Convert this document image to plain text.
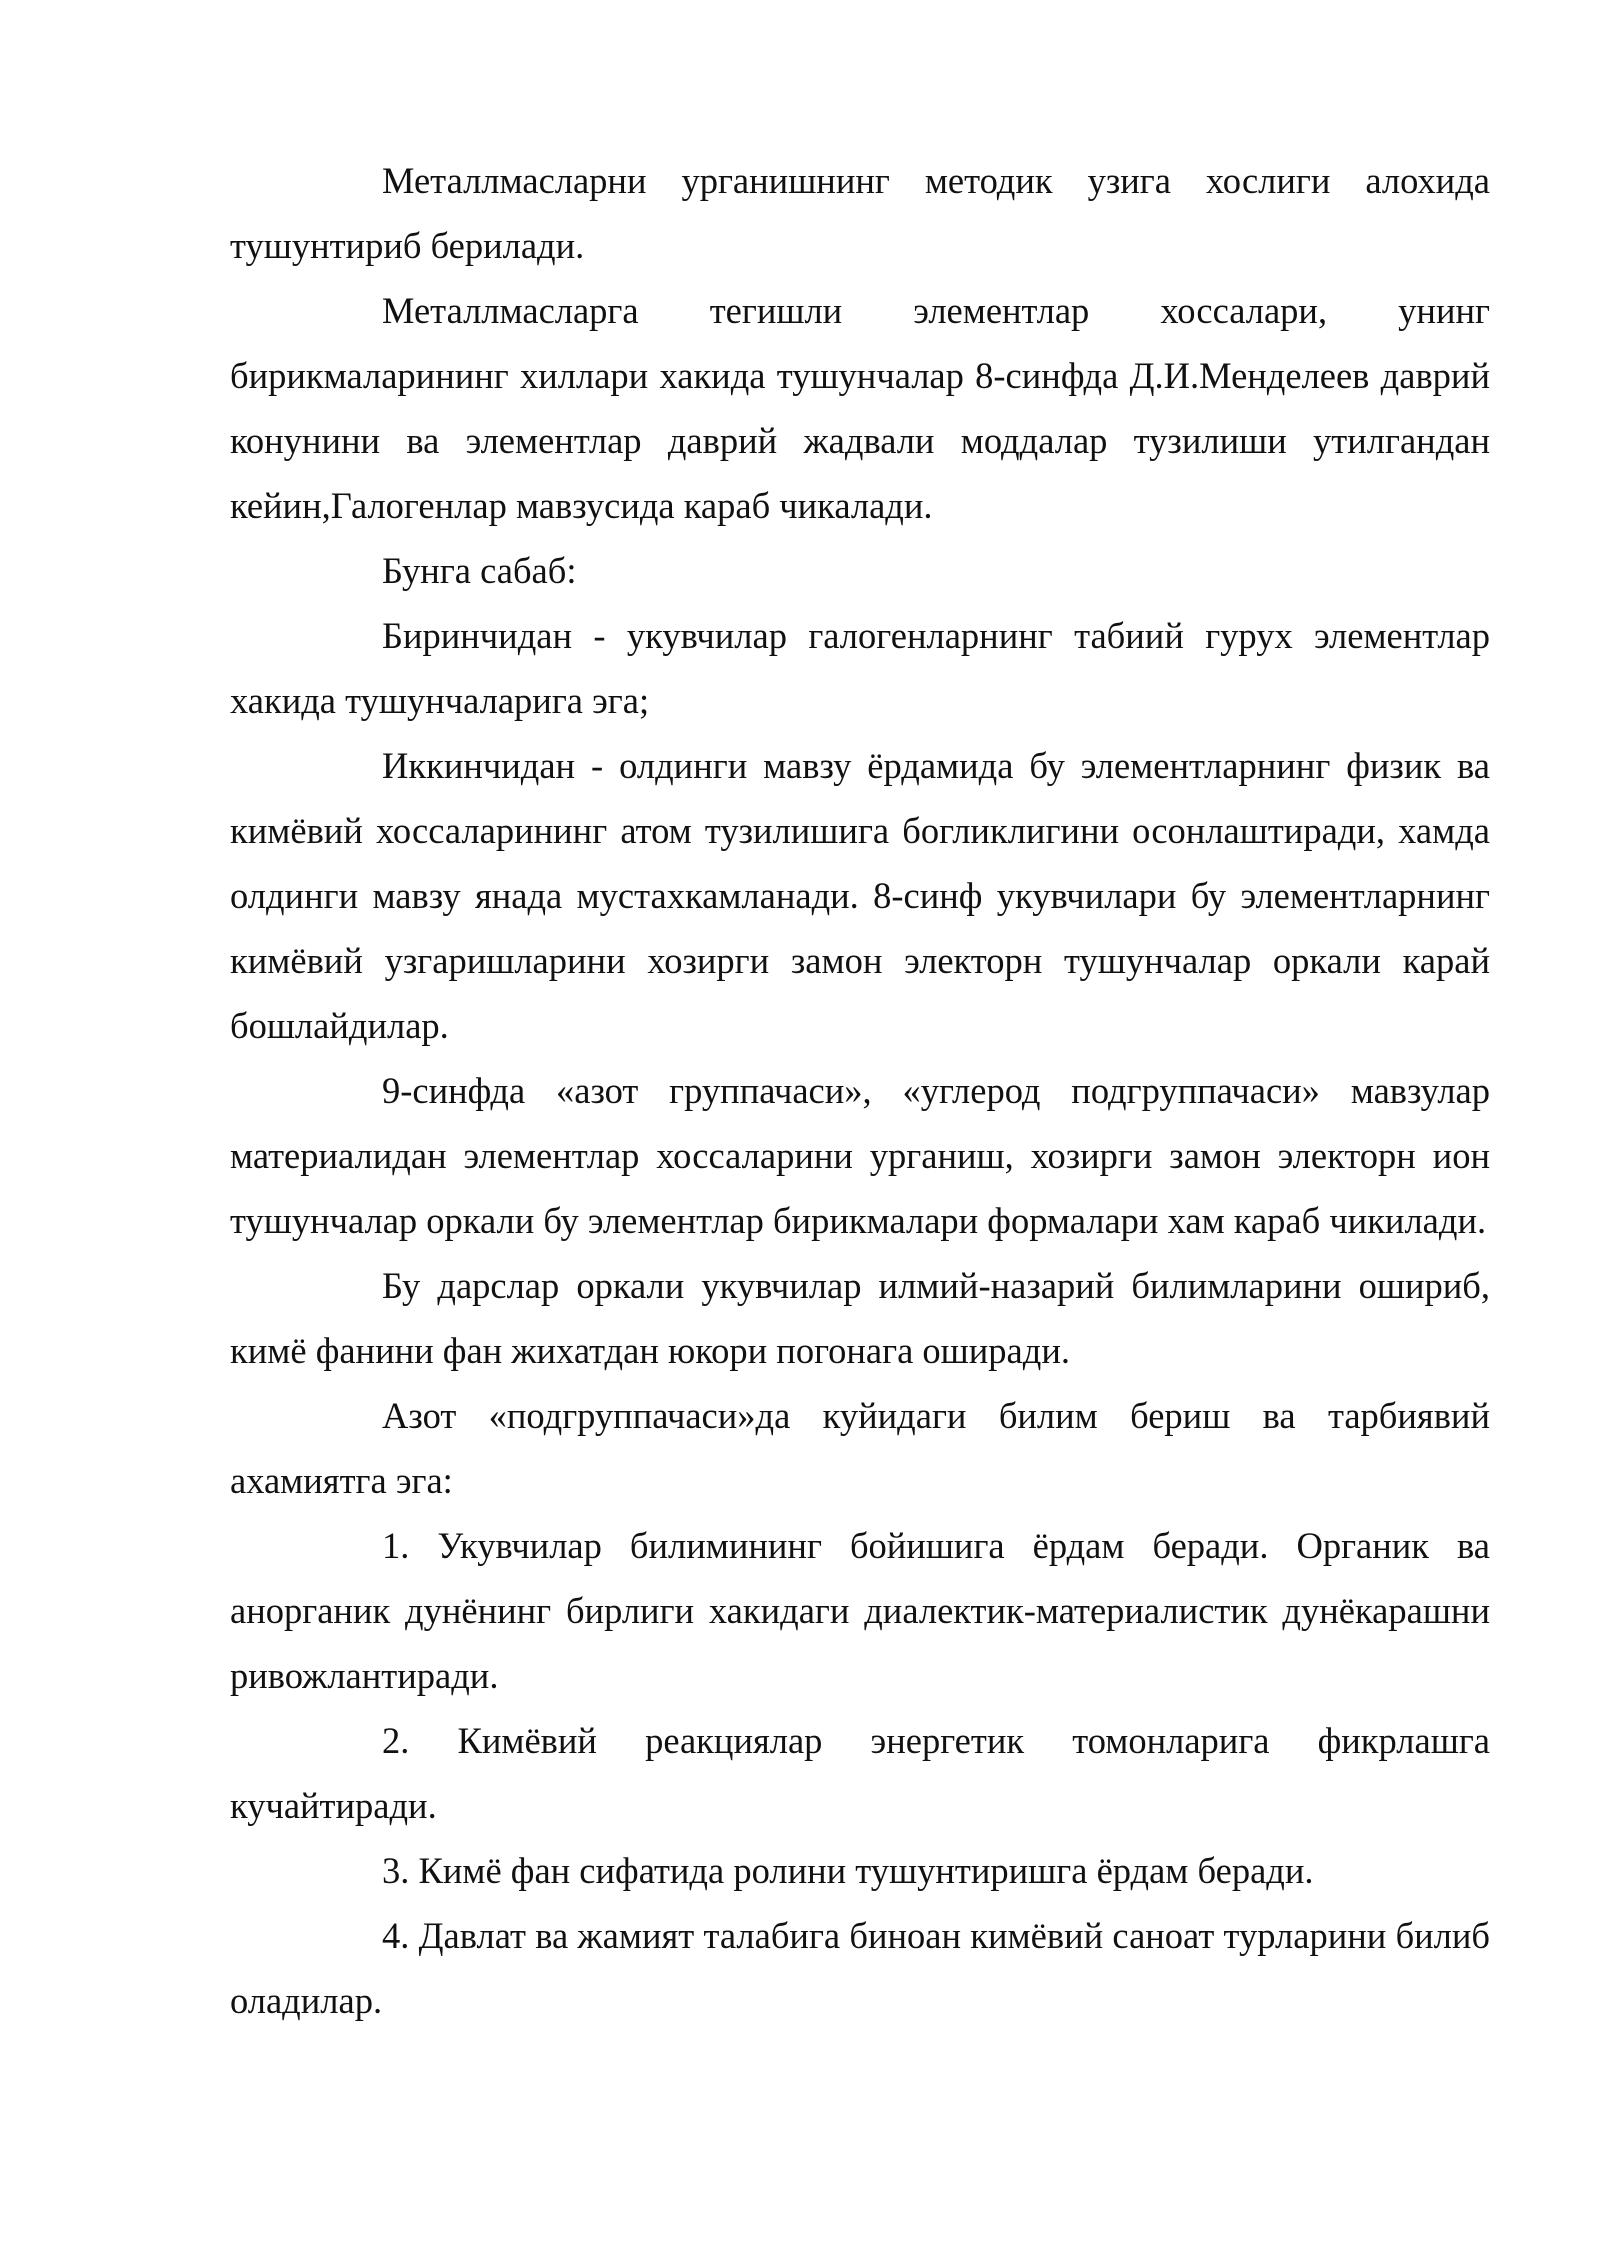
Металлмасларни урганишнинг методик узига хослиги алохида тушунтириб берилади.

Металлмасларга тегишли элементлар хоссалари, унинг бирикмаларининг хиллари хакида тушунчалар 8-синфда Д.И.Менделеев даврий конунини ва элементлар даврий жадвали моддалар тузилиши утилгандан кейин,Галогенлар мавзусида караб чикалади.

Бунга сабаб:

Биринчидан - укувчилар галогенларнинг табиий гурух элементлар хакида тушунчаларига эга;

Иккинчидан - олдинги мавзу ёрдамида бу элементларнинг физик ва кимёвий хоссаларининг атом тузилишига богликлигини осонлаштиради, хамда олдинги мавзу янада мустахкамланади. 8-синф укувчилари бу элементларнинг кимёвий узгаришларини хозирги замон электорн тушунчалар оркали карай бошлайдилар.

9-синфда «азот группачаси», «углерод подгруппачаси» мавзулар материалидан элементлар хоссаларини урганиш, хозирги замон электорн ион тушунчалар оркали бу элементлар бирикмалари формалари хам караб чикилади.

Бу дарслар оркали укувчилар илмий-назарий билимларини ошириб, кимё фанини фан жихатдан юкори погонага оширади.

Азот «подгруппачаси»да куйидаги билим бериш ва тарбиявий ахамиятга эга:

1. Укувчилар билимининг бойишига ёрдам беради. Органик ва анорганик дунёнинг бирлиги хакидаги диалектик-материалистик дунёкарашни ривожлантиради.

2. Кимёвий реакциялар энергетик томонларига фикрлашга кучайтиради.

3. Кимё фан сифатида ролини тушунтиришга ёрдам беради.

4. Давлат ва жамият талабига биноан кимёвий саноат турларини билиб оладилар.
